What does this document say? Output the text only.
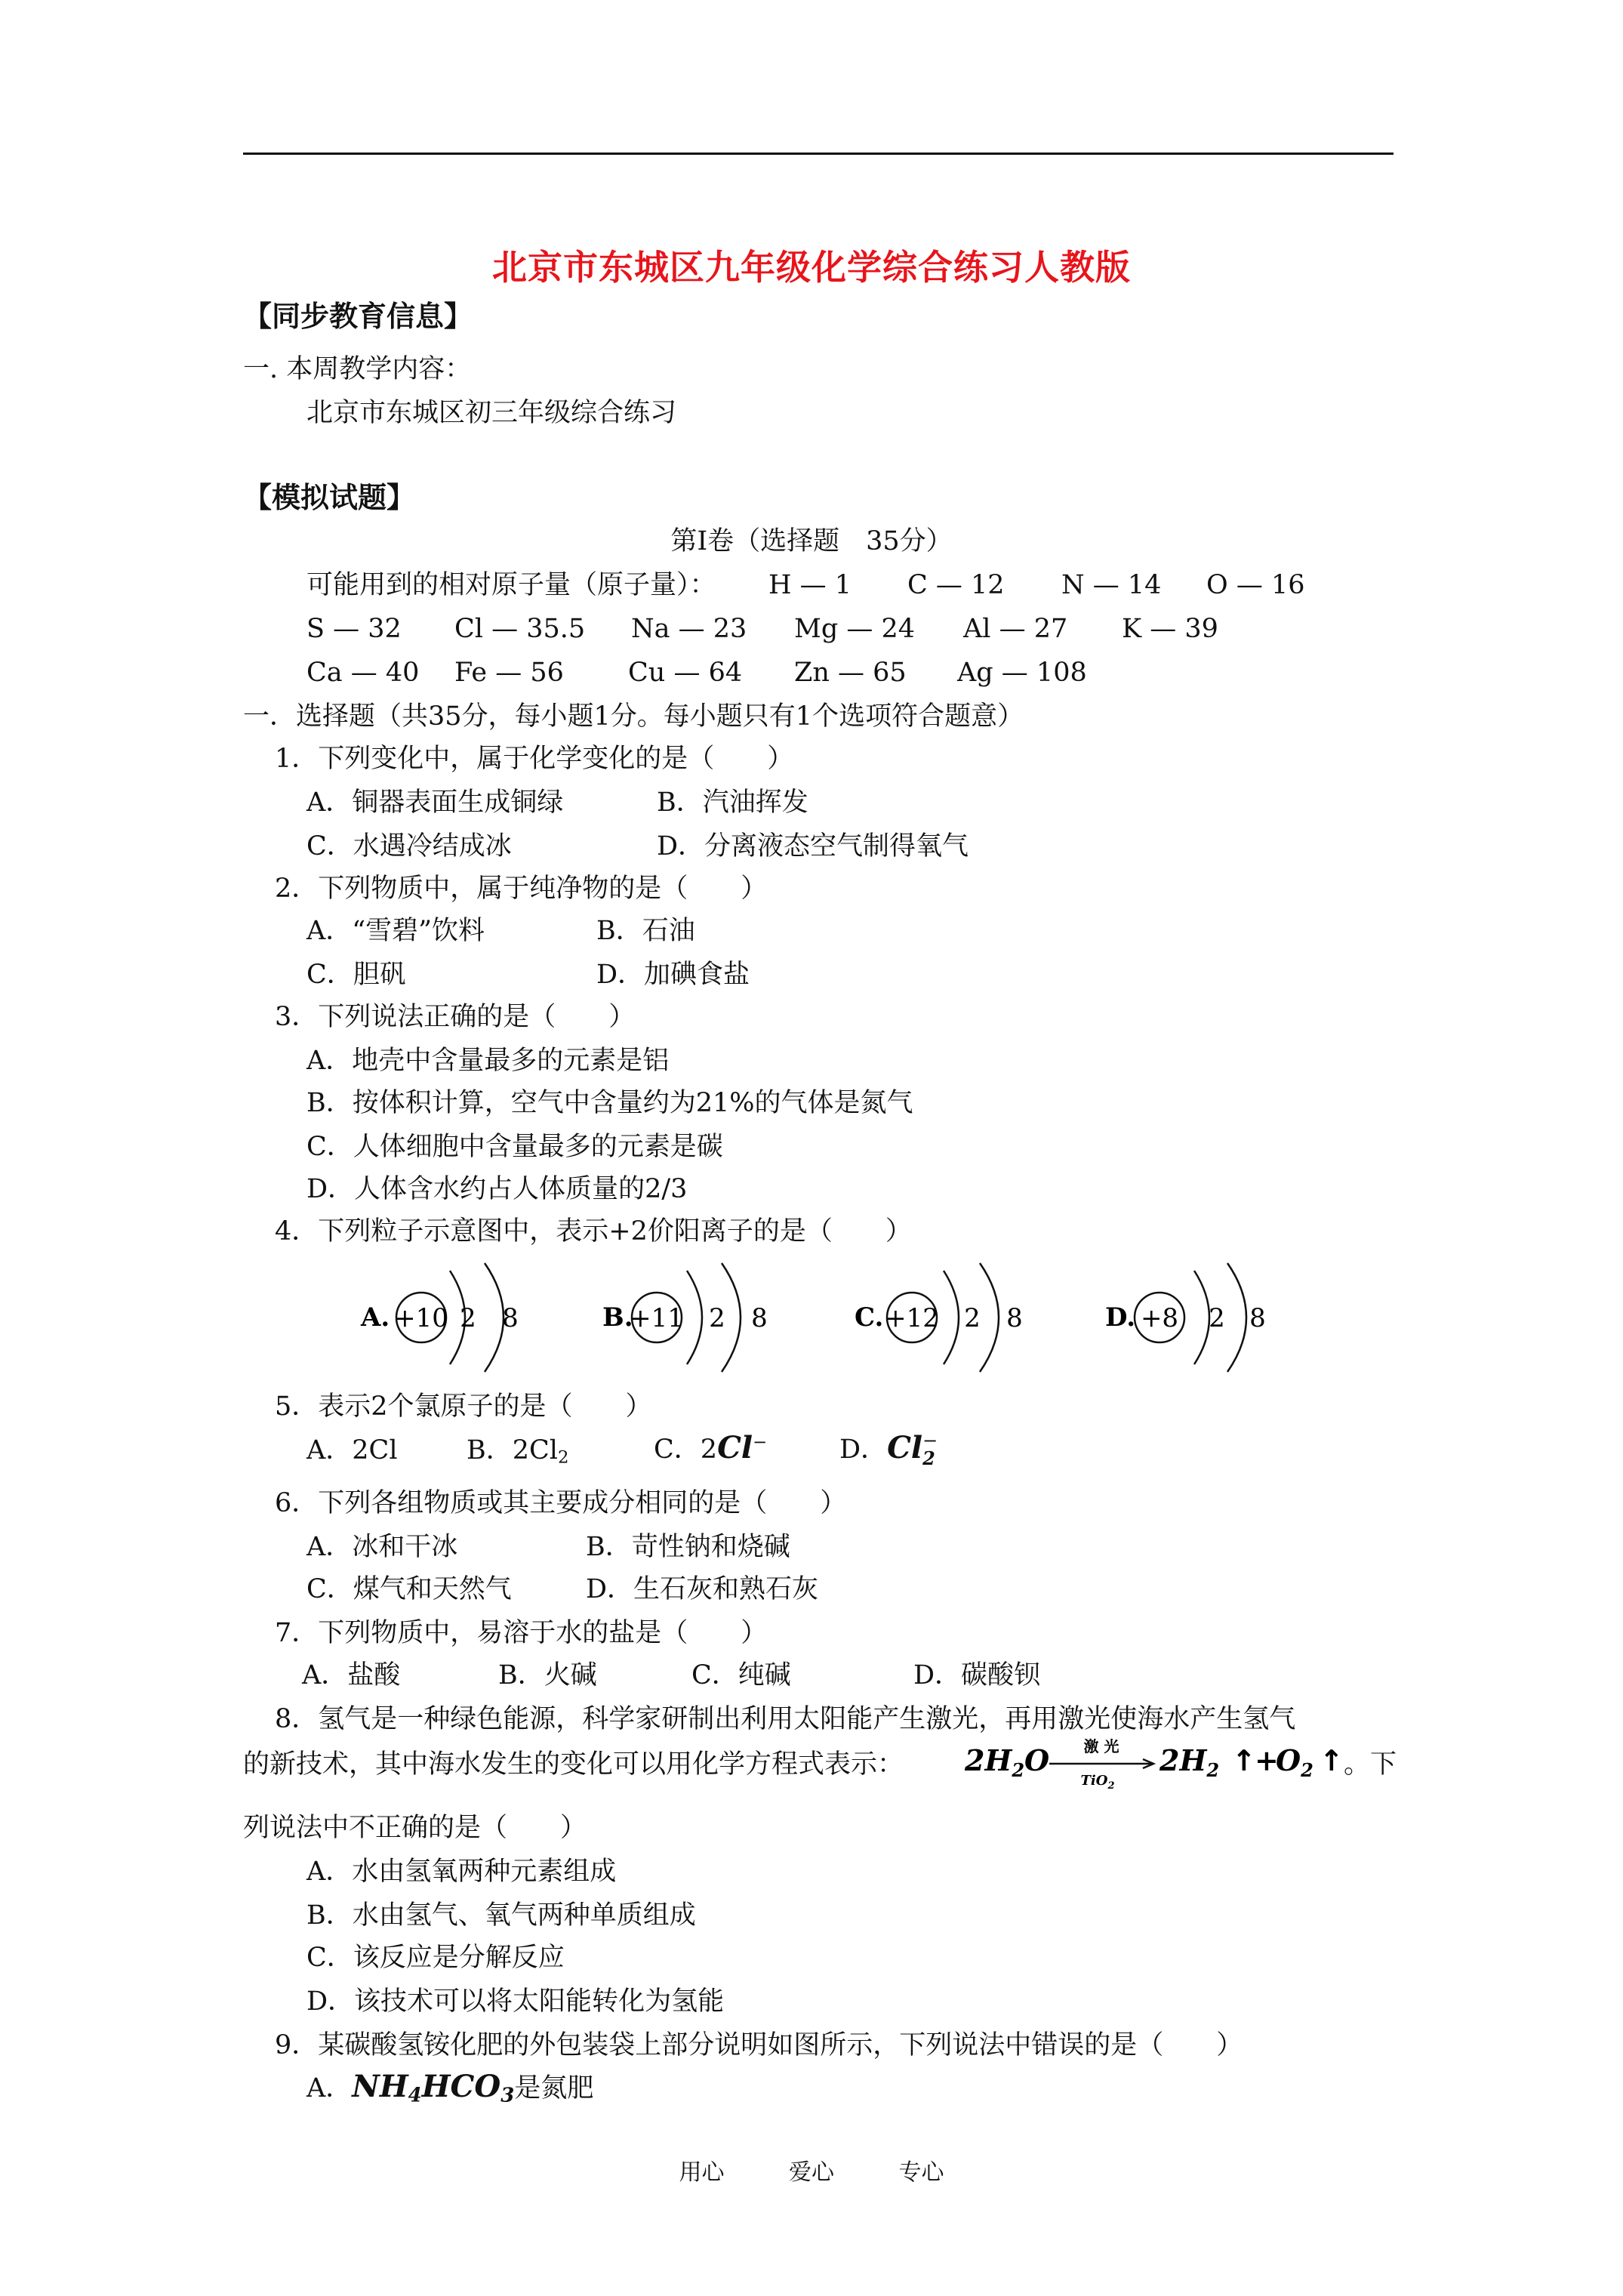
北京市东城区九年级化学综合练习人教版
【同步教育信息】
一. 本周教学内容：
北京市东城区初三年级综合练习
【模拟试题】
第Ⅰ卷（选择题　35分）
可能用到的相对原子量（原子量）： H — 1 C — 12 N — 14 O — 16
S — 32 Cl — 35.5 Na — 23 Mg — 24 Al — 27 K — 39
Ca — 40 Fe — 56 Cu — 64 Zn — 65 Ag — 108
一．选择题（共35分，每小题1分。每小题只有1个选项符合题意）
1．下列变化中，属于化学变化的是（　　）
A．铜器表面生成铜绿	B．汽油挥发
C．水遇冷结成冰	D．分离液态空气制得氧气
2．下列物质中，属于纯净物的是（　　）
A．“雪碧”饮料	B．石油
C．胆矾	D．加碘食盐
3．下列说法正确的是（　　）
A．地壳中含量最多的元素是铝
B．按体积计算，空气中含量约为21%的气体是氮气
C．人体细胞中含量最多的元素是碳
D．人体含水约占人体质量的2/3
4．下列粒子示意图中，表示+2价阳离子的是（　　）
A. +10 2 8	B.
+11 2 8	C. +12 2 8	D. +8 2 8
5．表示2个氯原子的是（　　）
A．2Cl	B．$2Cl_2$	C．2Cl−	D．Cl −
2
6．下列各组物质或其主要成分相同的是（　　）
A．冰和干冰	B．苛性钠和烧碱
C．煤气和天然气	D．生石灰和熟石灰
7．下列物质中，易溶于水的盐是（　　）
A．盐酸	B．火碱	C．纯碱	D．碳酸钡
8．氢气是一种绿色能源，科学家研制出利用太阳能产生激光，再用激光使海水产生氢气
的新技术，其中海水发生的变化可以用化学方程式表示： $2H_2O$ 激 光
TiO$_2$
$2H_2$ ↑
+
$O_2$ ↑ 。下
列说法中不正确的是（　　）
A．水由氢氧两种元素组成
B．水由氢气、氧气两种单质组成
C．该反应是分解反应
D．该技术可以将太阳能转化为氢能
9．某碳酸氢铵化肥的外包装袋上部分说明如图所示，下列说法中错误的是（　　）
A．$NH_4HCO_3$是氮肥
用心	爱心	专心
